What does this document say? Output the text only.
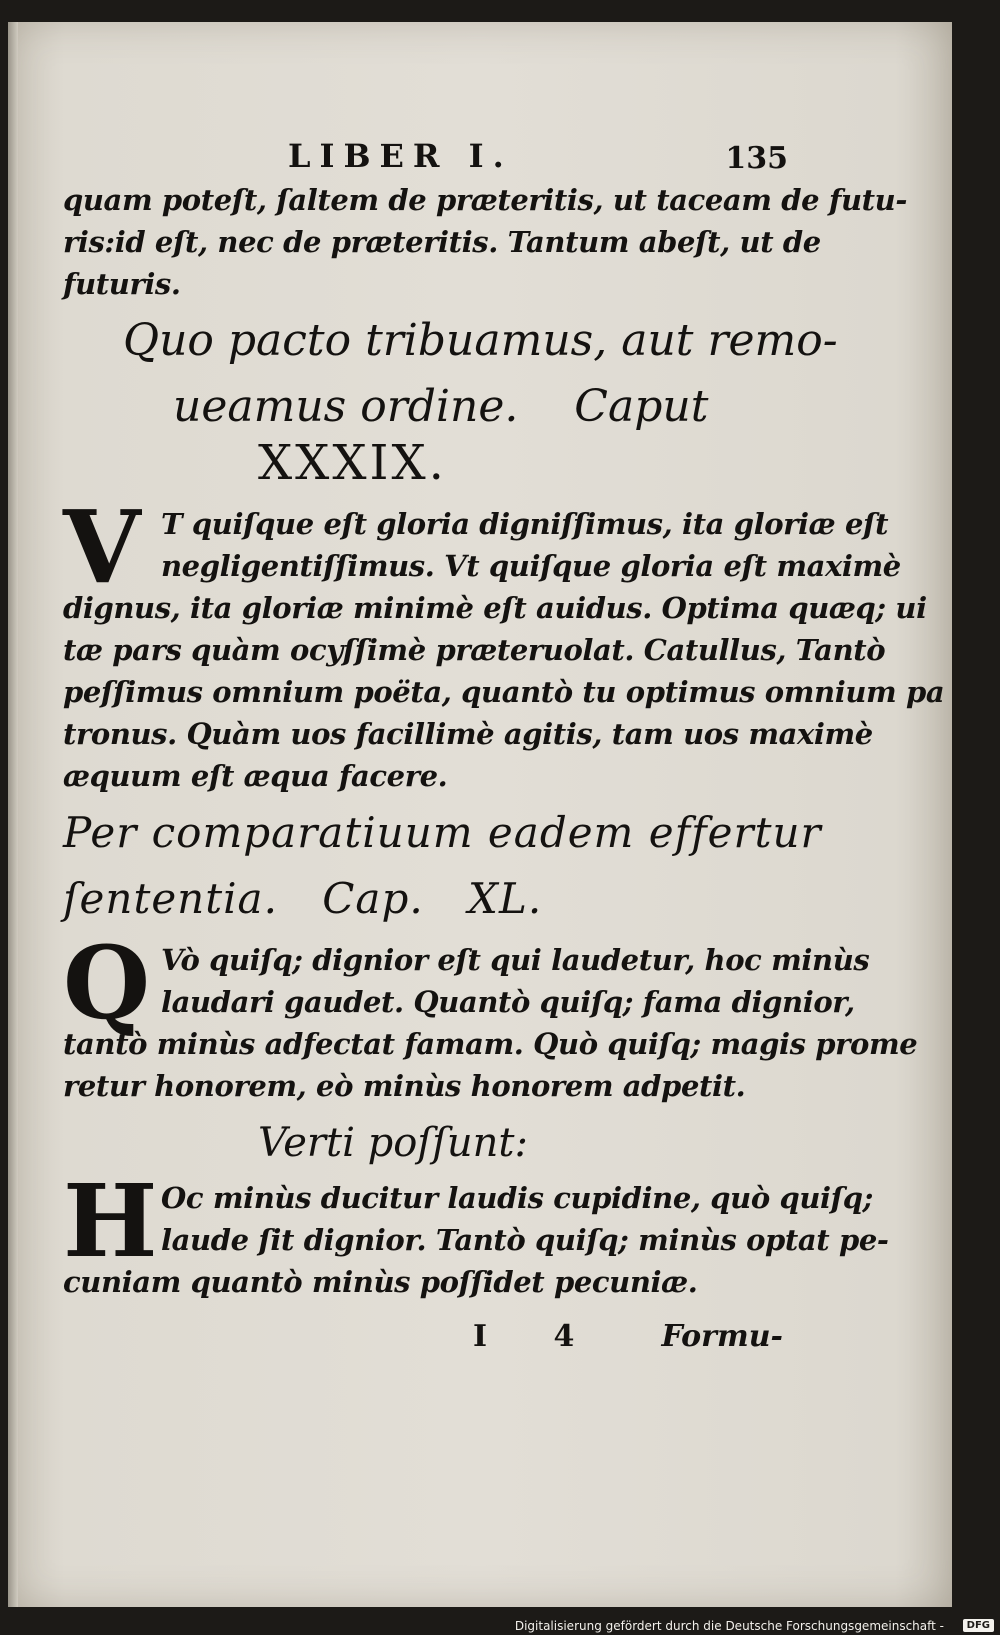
LIBER I.	135

quam poteſt, ſaltem de præteritis, ut taceam de futu-

ris:id eſt, nec de præteritis. Tantum abeſt, ut de

futuris.

Quo pacto tribuamus, aut remo-

ueamus ordine.    Caput

XXXIX.

V T quiſque eſt gloria digniſſimus, ita gloriæ eſt

negligentiſſimus. Vt quiſque gloria eſt maximè

dignus, ita gloriæ minimè eſt auidus. Optima quæq; ui

tæ pars quàm ocyſſimè præteruolat. Catullus, Tantò

peſſimus omnium poëta, quantò tu optimus omnium pa

tronus. Quàm uos facillimè agitis, tam uos maximè

æquum eſt æqua facere.

Per comparatiuum eadem effertur

ſententia. Cap. XL.

Q Vò quiſq; dignior eſt qui laudetur, hoc minùs

laudari gaudet. Quantò quiſq; fama dignior,

tantò minùs adfectat famam. Quò quiſq; magis prome

retur honorem, eò minùs honorem adpetit.

Verti poſſunt:

H Oc minùs ducitur laudis cupidine, quò quiſq;

laude ſit dignior. Tantò quiſq; minùs optat pe-

cuniam quantò minùs poſſidet pecuniæ.

I 4 Formu-
Digitalisierung gefördert durch die Deutsche Forschungsgemeinschaft -	DFG
